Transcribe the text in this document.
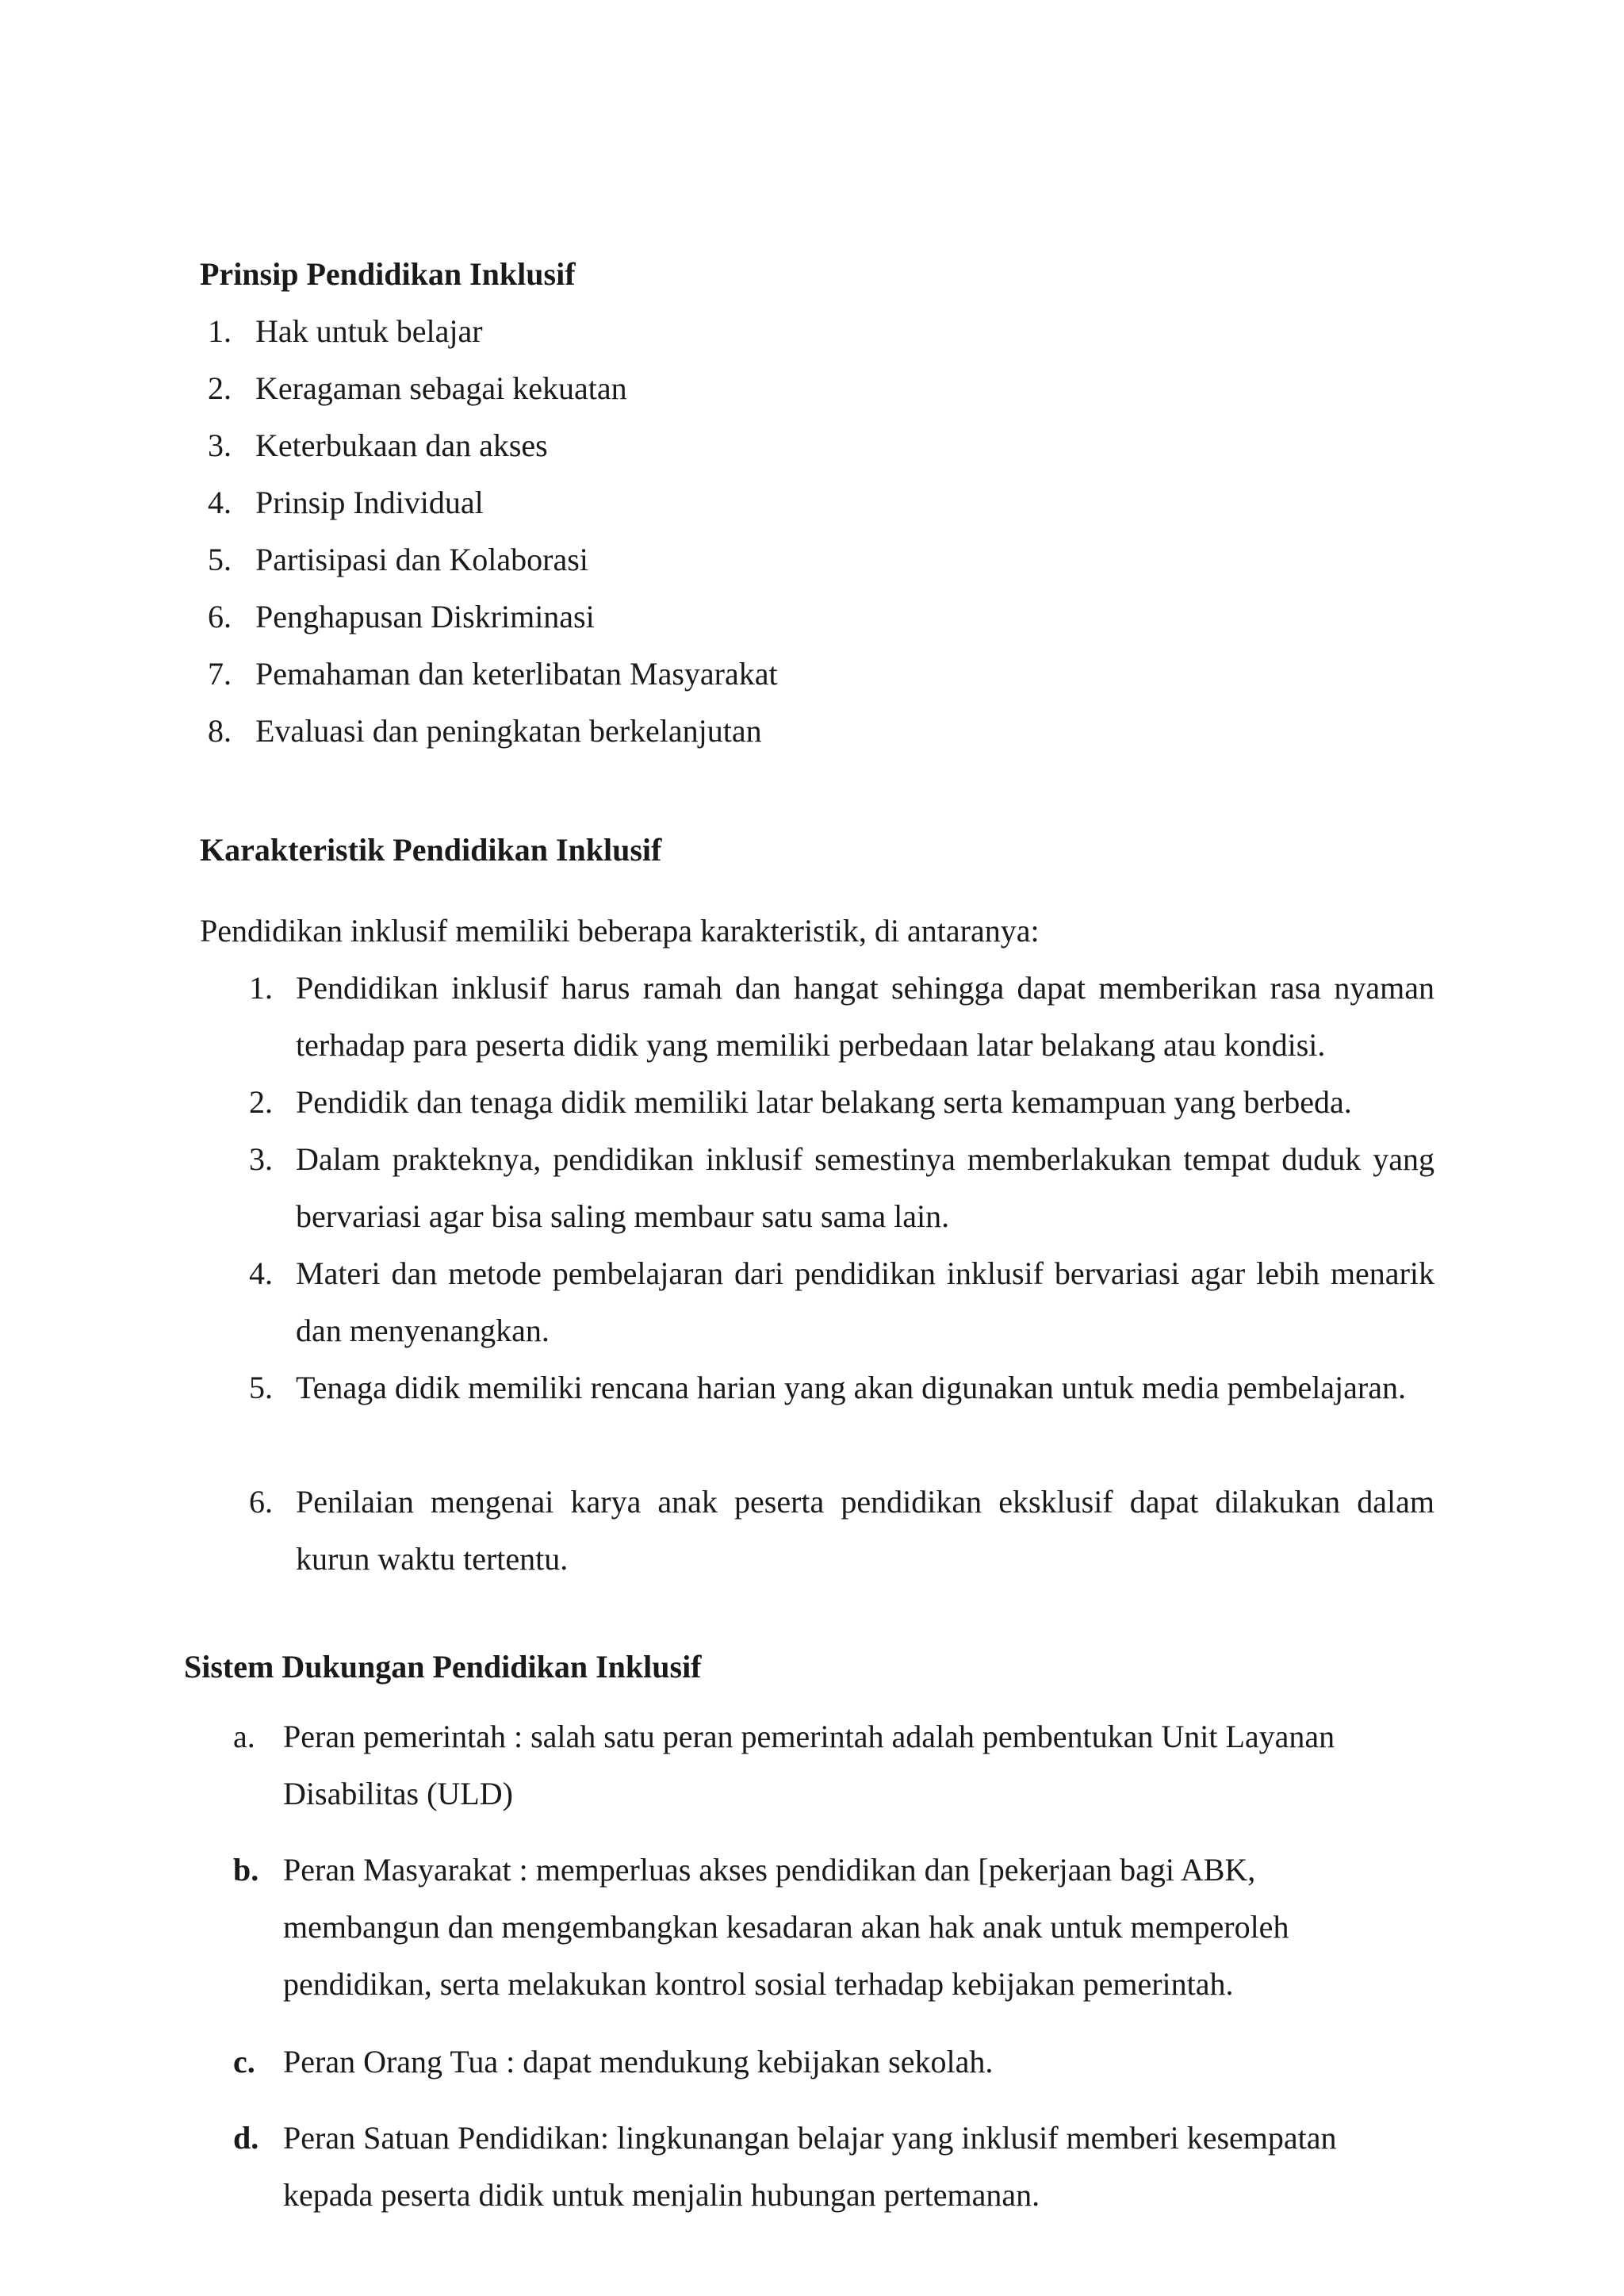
Prinsip Pendidikan Inklusif
1. Hak untuk belajar
2. Keragaman sebagai kekuatan
3. Keterbukaan dan akses
4. Prinsip Individual
5. Partisipasi dan Kolaborasi
6. Penghapusan Diskriminasi
7. Pemahaman dan keterlibatan Masyarakat
8. Evaluasi dan peningkatan berkelanjutan
Karakteristik Pendidikan Inklusif

Pendidikan inklusif memiliki beberapa karakteristik, di antaranya:

1. Pendidikan inklusif harus ramah dan hangat sehingga dapat memberikan rasa nyaman terhadap para peserta didik yang memiliki perbedaan latar belakang atau kondisi.
2. Pendidik dan tenaga didik memiliki latar belakang serta kemampuan yang berbeda.
3. Dalam prakteknya, pendidikan inklusif semestinya memberlakukan tempat duduk yang bervariasi agar bisa saling membaur satu sama lain.
4. Materi dan metode pembelajaran dari pendidikan inklusif bervariasi agar lebih menarik dan menyenangkan.
5. Tenaga didik memiliki rencana harian yang akan digunakan untuk media pembelajaran.
6. Penilaian mengenai karya anak peserta pendidikan eksklusif dapat dilakukan dalam kurun waktu tertentu.
Sistem Dukungan Pendidikan Inklusif
a. Peran pemerintah : salah satu peran pemerintah adalah pembentukan Unit Layanan Disabilitas (ULD)
b. Peran Masyarakat : memperluas akses pendidikan dan [pekerjaan bagi ABK, membangun dan mengembangkan kesadaran akan hak anak untuk memperoleh pendidikan, serta melakukan kontrol sosial terhadap kebijakan pemerintah.
c. Peran Orang Tua : dapat mendukung kebijakan sekolah.
d. Peran Satuan Pendidikan: lingkunangan belajar yang inklusif memberi kesempatan kepada peserta didik untuk menjalin hubungan pertemanan.
